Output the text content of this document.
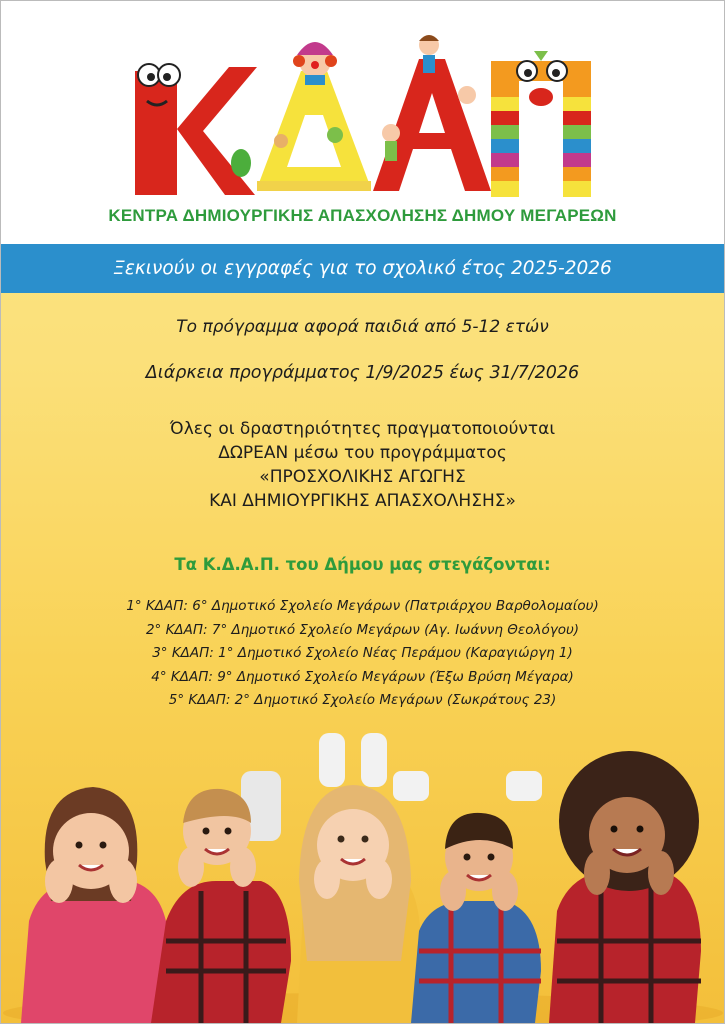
ΚΕΝΤΡΑ ΔΗΜΙΟΥΡΓΙΚΗΣ ΑΠΑΣΧΟΛΗΣΗΣ ΔΗΜΟΥ ΜΕΓΑΡΕΩΝ
Ξεκινούν οι εγγραφές για το σχολικό έτος 2025-2026
Το πρόγραμμα αφορά παιδιά από 5-12 ετών
Διάρκεια προγράμματος 1/9/2025 έως 31/7/2026
Όλες οι δραστηριότητες πραγματοποιούνται
ΔΩΡΕΑΝ μέσω του προγράμματος
«ΠΡΟΣΧΟΛΙΚΗΣ ΑΓΩΓΗΣ
ΚΑΙ ΔΗΜΙΟΥΡΓΙΚΗΣ ΑΠΑΣΧΟΛΗΣΗΣ»
Τα Κ.Δ.Α.Π. του Δήμου μας στεγάζονται:
1° ΚΔΑΠ: 6° Δημοτικό Σχολείο Μεγάρων (Πατριάρχου Βαρθολομαίου)
2° ΚΔΑΠ: 7° Δημοτικό Σχολείο Μεγάρων (Αγ. Ιωάννη Θεολόγου)
3° ΚΔΑΠ: 1° Δημοτικό Σχολείο Νέας Περάμου (Καραγιώργη 1)
4° ΚΔΑΠ: 9° Δημοτικό Σχολείο Μεγάρων (Έξω Βρύση Μέγαρα)
5° ΚΔΑΠ: 2° Δημοτικό Σχολείο Μεγάρων (Σωκράτους 23)
